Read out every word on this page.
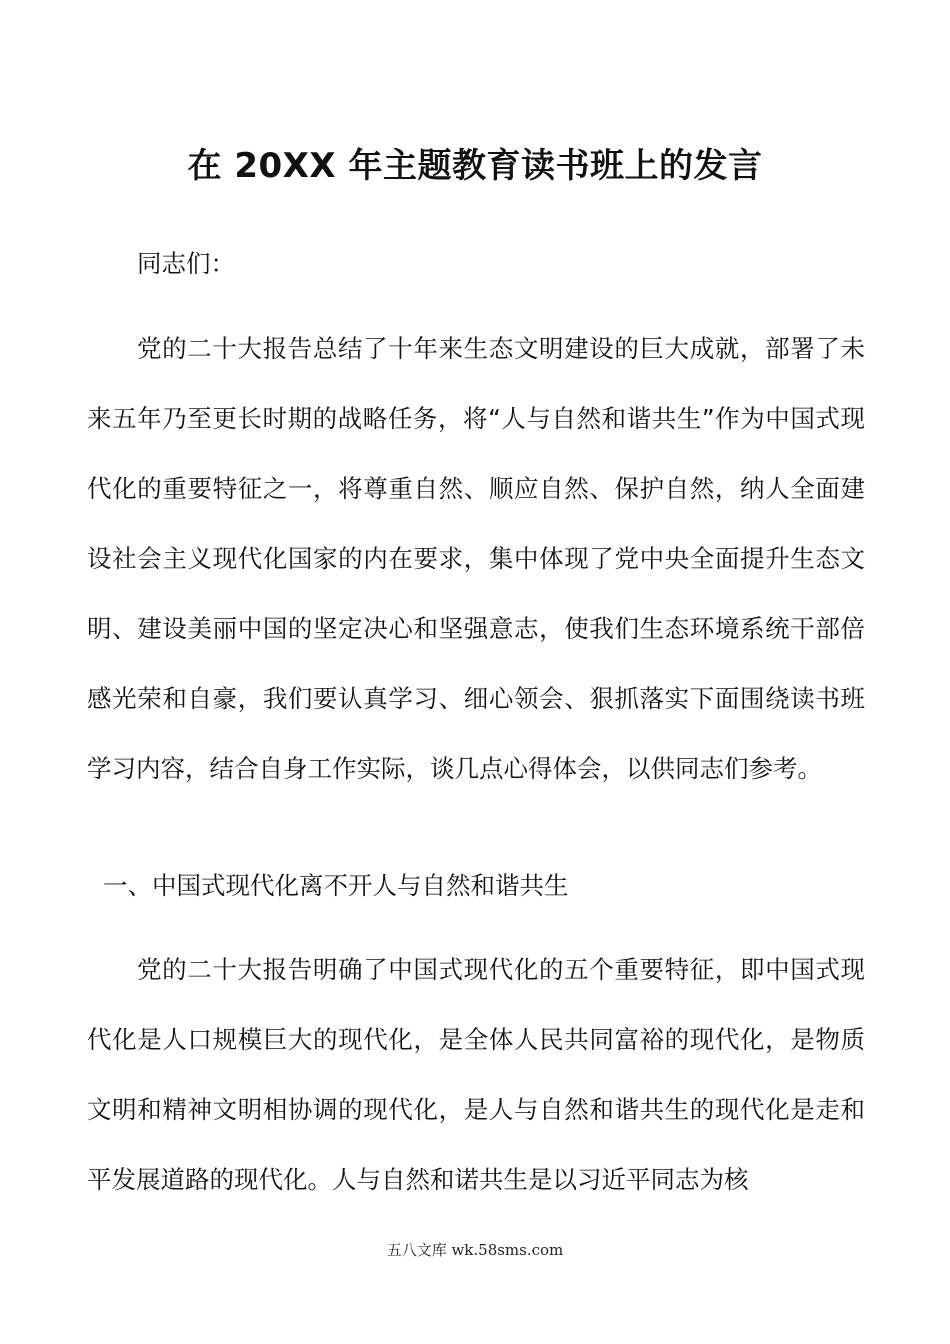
在 20XX 年主题教育读书班上的发言
同志们：
党的二十大报告总结了十年来生态文明建设的巨大成就，部署了未来五年乃至更长时期的战略任务，将“人与自然和谐共生”作为中国式现代化的重要特征之一，将尊重自然、顺应自然、保护自然，纳人全面建设社会主义现代化国家的内在要求，集中体现了党中央全面提升生态文明、建设美丽中国的坚定决心和坚强意志，使我们生态环境系统干部倍感光荣和自豪，我们要认真学习、细心领会、狠抓落实下面围绕读书班学习内容，结合自身工作实际，谈几点心得体会，以供同志们参考。
一、中国式现代化离不开人与自然和谐共生
党的二十大报告明确了中国式现代化的五个重要特征，即中国式现代化是人口规模巨大的现代化，是全体人民共同富裕的现代化，是物质文明和精神文明相协调的现代化，是人与自然和谐共生的现代化是走和平发展道路的现代化。人与自然和诺共生是以习近平同志为核
五八文库 wk.58sms.com
